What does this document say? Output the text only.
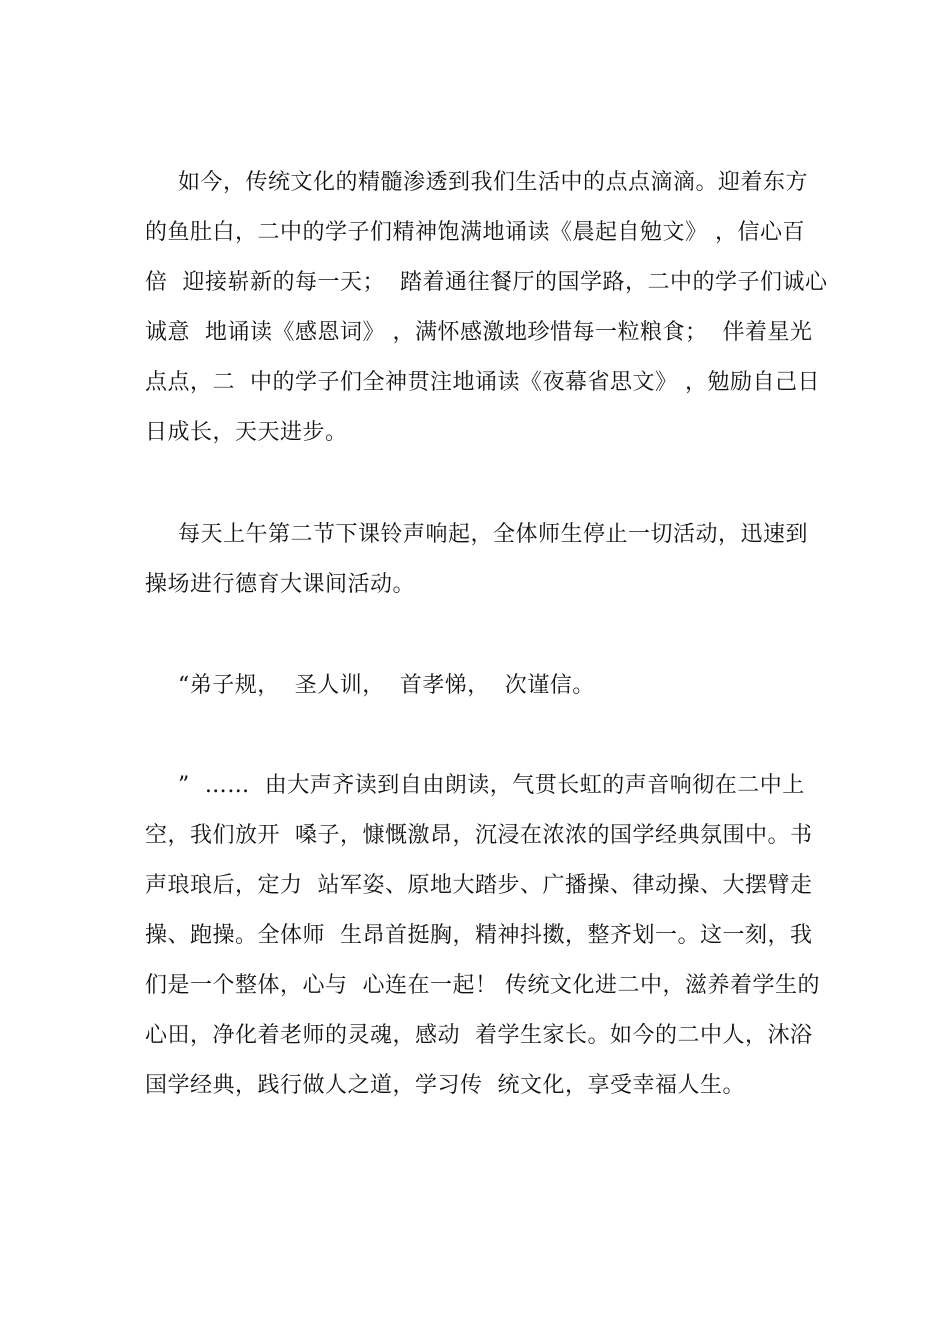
如今，传统文化的精髓渗透到我们生活中的点点滴滴。迎着东方
的鱼肚白，二中的学子们精神饱满地诵读《晨起自勉文》 ，信心百
倍  迎接崭新的每一天；  踏着通往餐厅的国学路，二中的学子们诚心
诚意  地诵读《感恩词》 ，满怀感激地珍惜每一粒粮食；  伴着星光
点点，二  中的学子们全神贯注地诵读《夜幕省思文》 ，勉励自己日
日成长，天天进步。
每天上午第二节下课铃声响起，全体师生停止一切活动，迅速到
操场进行德育大课间活动。
“弟子规，  圣人训，  首孝悌，  次谨信。
”  ……  由大声齐读到自由朗读，气贯长虹的声音响彻在二中上
空，我们放开  嗓子，慷慨激昂，沉浸在浓浓的国学经典氛围中。书
声琅琅后，定力  站军姿、原地大踏步、广播操、律动操、大摆臂走
操、跑操。全体师  生昂首挺胸，精神抖擞，整齐划一。这一刻，我
们是一个整体，心与  心连在一起！ 传统文化进二中，滋养着学生的
心田，净化着老师的灵魂，感动  着学生家长。如今的二中人，沐浴
国学经典，践行做人之道，学习传  统文化，享受幸福人生。
